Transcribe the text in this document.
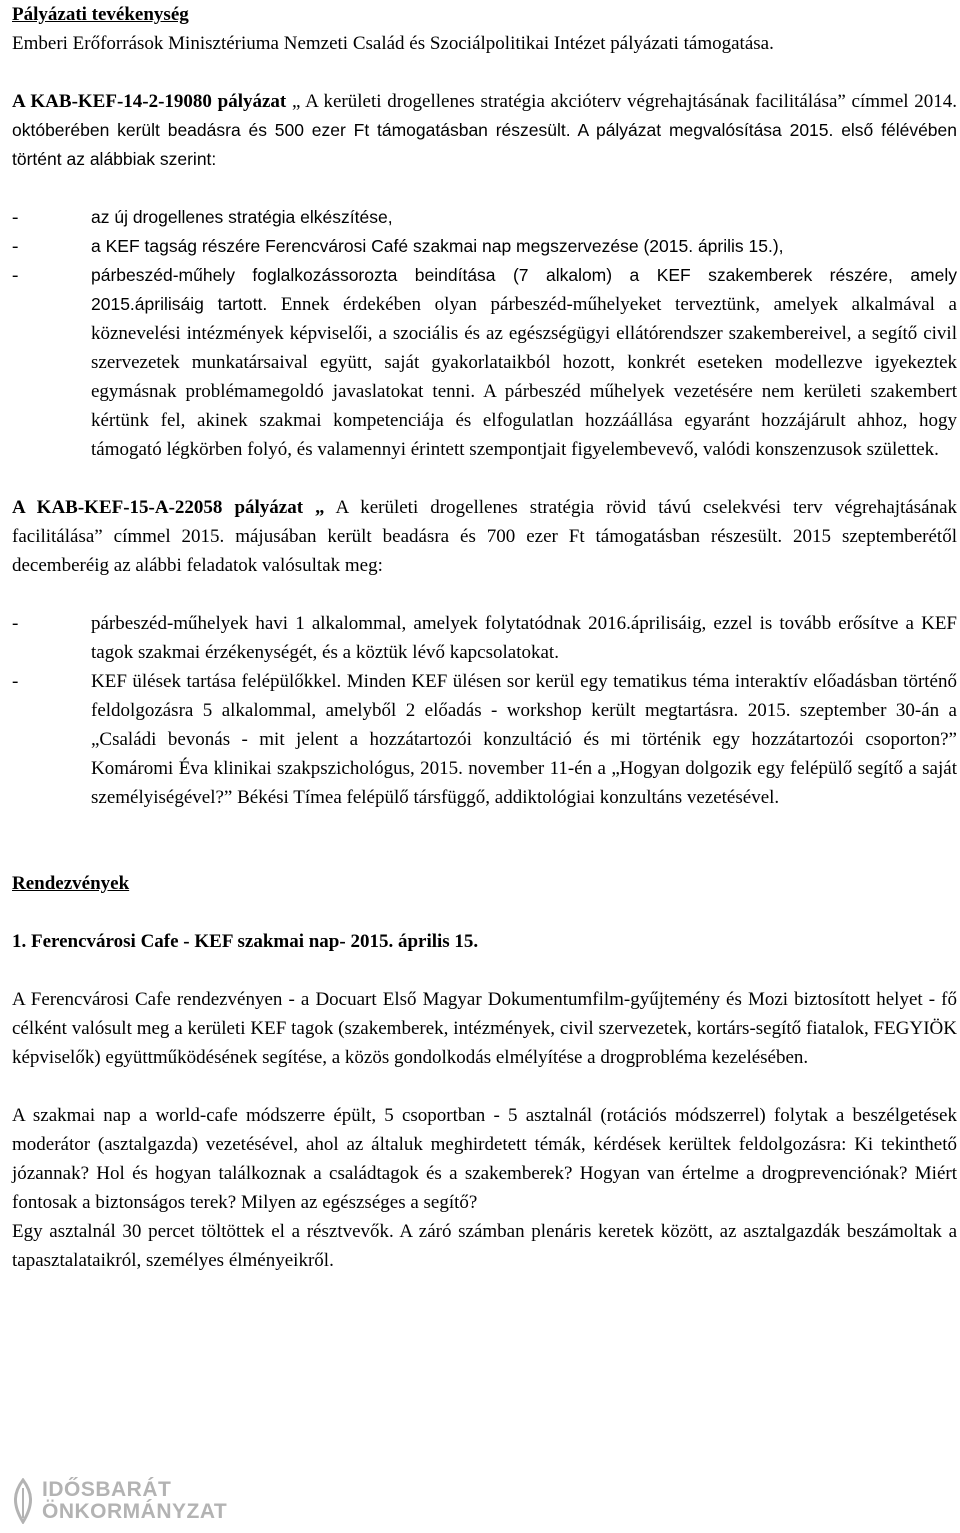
Pályázati tevékenység

Emberi Erőforrások Minisztériuma Nemzeti Család és Szociálpolitikai Intézet pályázati támogatása.

A KAB-KEF-14-2-19080 pályázat „ A kerületi drogellenes stratégia akcióterv végrehajtásának facilitálása” címmel 2014. októberében került beadásra és 500 ezer Ft támogatásban részesült. A pályázat megvalósítása 2015. első félévében történt az alábbiak szerint:

-	az új drogellenes stratégia elkészítése,
-	a KEF tagság részére Ferencvárosi Café szakmai nap megszervezése (2015. április 15.),
-	párbeszéd-műhely foglalkozássorozta beindítása (7 alkalom) a KEF szakemberek részére, amely 2015.áprilisáig tartott. Ennek érdekében olyan párbeszéd-műhelyeket terveztünk, amelyek alkalmával a köznevelési intézmények képviselői, a szociális és az egészségügyi ellátórendszer szakembereivel, a segítő civil szervezetek munkatársaival együtt, saját gyakorlataikból hozott, konkrét eseteken modellezve igyekeztek egymásnak problémamegoldó javaslatokat tenni. A párbeszéd műhelyek vezetésére nem kerületi szakembert kértünk fel, akinek szakmai kompetenciája és elfogulatlan hozzáállása egyaránt hozzájárult ahhoz, hogy támogató légkörben folyó, és valamennyi érintett szempontjait figyelembevevő, valódi konszenzusok születtek.

A KAB-KEF-15-A-22058 pályázat „ A kerületi drogellenes stratégia rövid távú cselekvési terv végrehajtásának facilitálása” címmel 2015. májusában került beadásra és 700 ezer Ft támogatásban részesült. 2015 szeptemberétől decemberéig az alábbi feladatok valósultak meg:

-	párbeszéd-műhelyek havi 1 alkalommal, amelyek folytatódnak 2016.áprilisáig, ezzel is tovább erősítve a KEF tagok szakmai érzékenységét, és a köztük lévő kapcsolatokat.
-	KEF ülések tartása felépülőkkel. Minden KEF ülésen sor kerül egy tematikus téma interaktív előadásban történő feldolgozásra 5 alkalommal, amelyből 2 előadás - workshop került megtartásra. 2015. szeptember 30-án a „Családi bevonás - mit jelent a hozzátartozói konzultáció és mi történik egy hozzátartozói csoporton?” Komáromi Éva klinikai szakpszichológus, 2015. november 11-én a „Hogyan dolgozik egy felépülő segítő a saját személyiségével?” Békési Tímea felépülő társfüggő, addiktológiai konzultáns vezetésével.

Rendezvények

1. Ferencvárosi Cafe - KEF szakmai nap- 2015. április 15.

A Ferencvárosi Cafe rendezvényen - a Docuart Első Magyar Dokumentumfilm-gyűjtemény és Mozi biztosított helyet - fő célként valósult meg a kerületi KEF tagok (szakemberek, intézmények, civil szervezetek, kortárs-segítő fiatalok, FEGYIÖK képviselők) együttműködésének segítése, a közös gondolkodás elmélyítése a drogprobléma kezelésében.

A szakmai nap a world-cafe módszerre épült, 5 csoportban - 5 asztalnál (rotációs módszerrel) folytak a beszélgetések moderátor (asztalgazda) vezetésével, ahol az általuk meghirdetett témák, kérdések kerültek feldolgozásra: Ki tekinthető józannak? Hol és hogyan találkoznak a családtagok és a szakemberek? Hogyan van értelme a drogprevenciónak? Miért fontosak a biztonságos terek? Milyen az egészséges a segítő?

Egy asztalnál 30 percet töltöttek el a résztvevők. A záró számban plenáris keretek között, az asztalgazdák beszámoltak a tapasztalataikról, személyes élményeikről.

IDŐSBARÁT
ÖNKORMÁNYZAT
